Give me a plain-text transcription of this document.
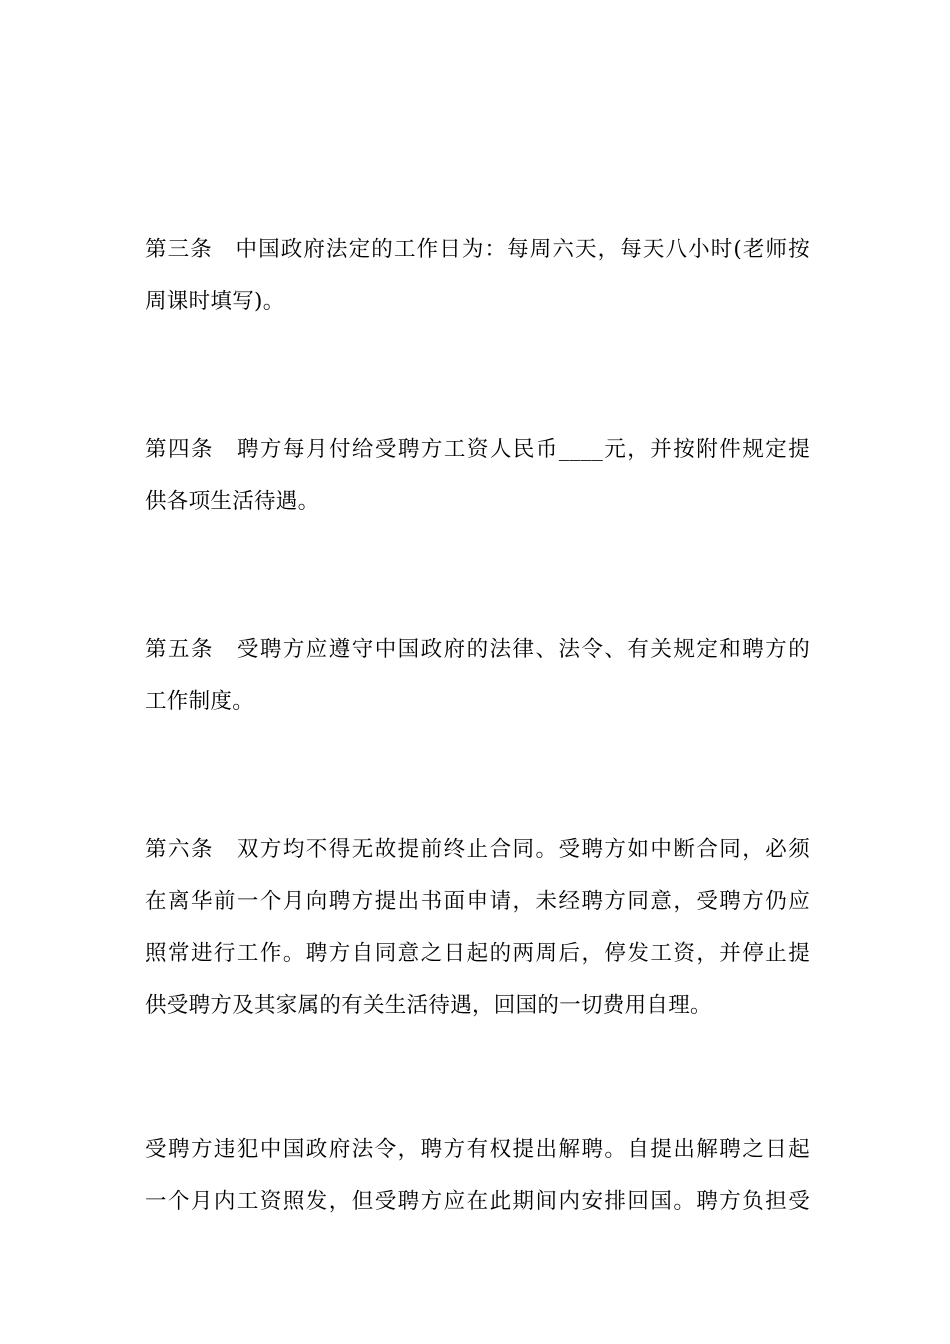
第三条　中国政府法定的工作日为：每周六天，每天八小时(老师按
周课时填写)。
第四条　聘方每月付给受聘方工资人民币____元，并按附件规定提
供各项生活待遇。
第五条　受聘方应遵守中国政府的法律、法令、有关规定和聘方的
工作制度。
第六条　双方均不得无故提前终止合同。受聘方如中断合同，必须
在离华前一个月向聘方提出书面申请，未经聘方同意，受聘方仍应
照常进行工作。聘方自同意之日起的两周后，停发工资，并停止提
供受聘方及其家属的有关生活待遇，回国的一切费用自理。
受聘方违犯中国政府法令，聘方有权提出解聘。自提出解聘之日起
一个月内工资照发，但受聘方应在此期间内安排回国。聘方负担受
